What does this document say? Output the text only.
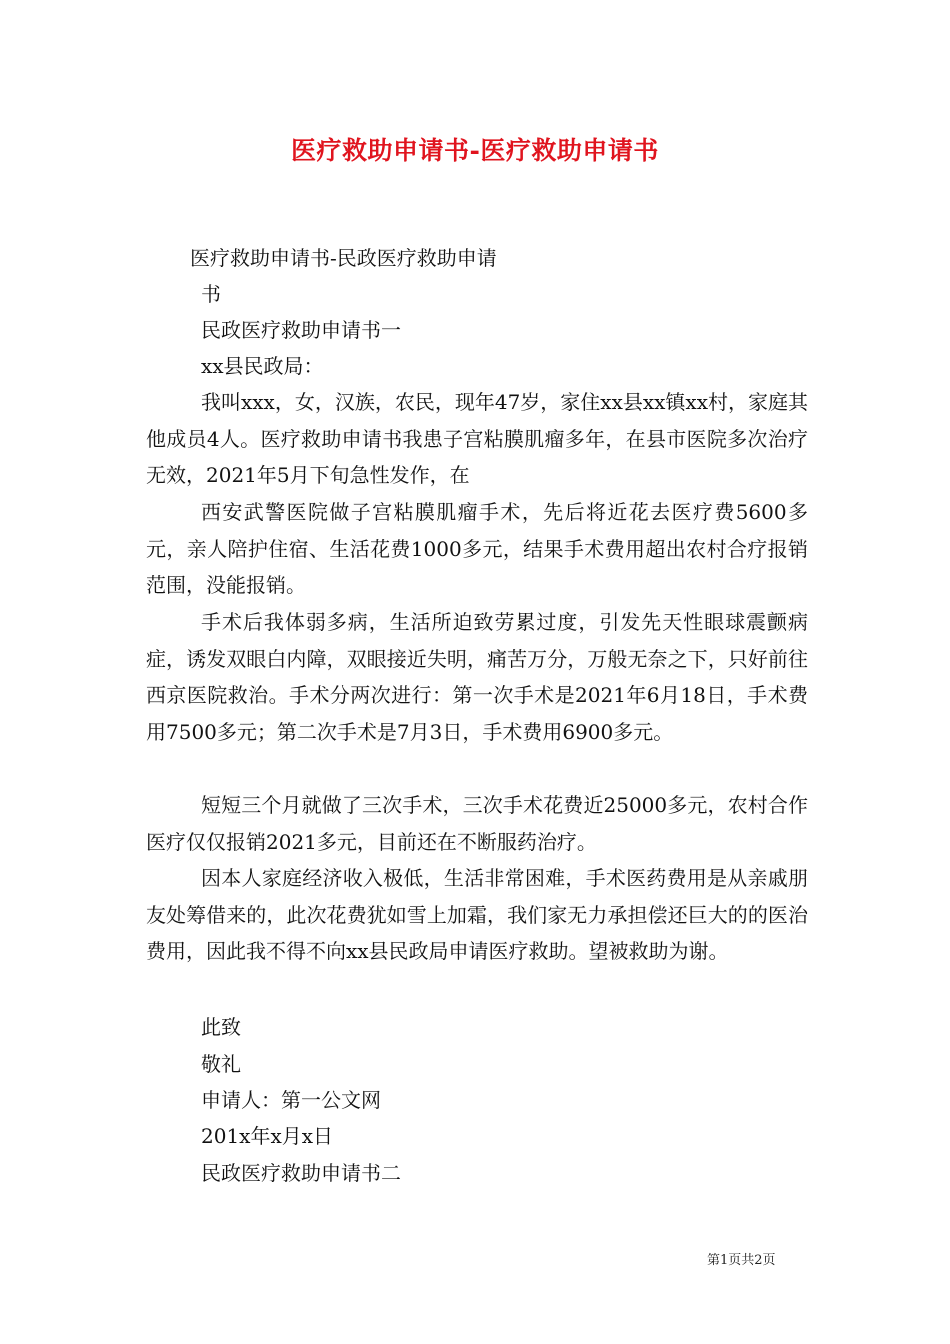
医疗救助申请书-医疗救助申请书
医疗救助申请书-民政医疗救助申请
书
民政医疗救助申请书一
xx县民政局：
我叫xxx，女，汉族，农民，现年47岁，家住xx县xx镇xx村，家庭其他成员4人。医疗救助申请书我患子宫粘膜肌瘤多年，在县市医院多次治疗无效，2021年5月下旬急性发作，在
西安武警医院做子宫粘膜肌瘤手术，先后将近花去医疗费5600多元，亲人陪护住宿、生活花费1000多元，结果手术费用超出农村合疗报销范围，没能报销。
手术后我体弱多病，生活所迫致劳累过度，引发先天性眼球震颤病症，诱发双眼白内障，双眼接近失明，痛苦万分，万般无奈之下，只好前往西京医院救治。手术分两次进行：第一次手术是2021年6月18日，手术费用7500多元；第二次手术是7月3日，手术费用6900多元。
短短三个月就做了三次手术，三次手术花费近25000多元，农村合作医疗仅仅报销2021多元，目前还在不断服药治疗。
因本人家庭经济收入极低，生活非常困难，手术医药费用是从亲戚朋友处筹借来的，此次花费犹如雪上加霜，我们家无力承担偿还巨大的的医治费用，因此我不得不向xx县民政局申请医疗救助。望被救助为谢。
此致
敬礼
申请人：第一公文网
201x年x月x日
民政医疗救助申请书二
第1页共2页
